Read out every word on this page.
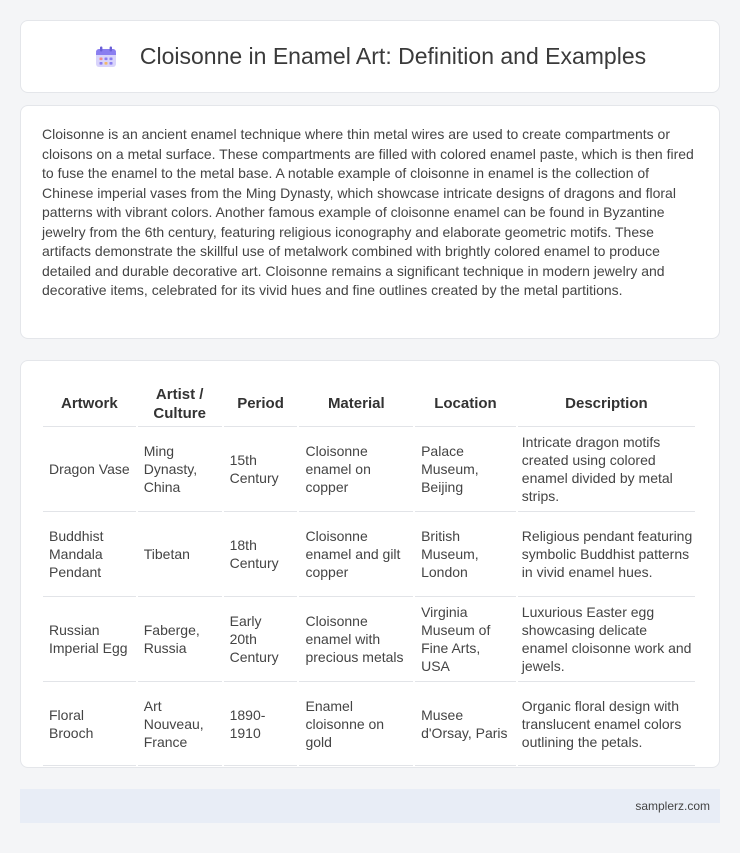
Cloisonne in Enamel Art: Definition and Examples

Cloisonne is an ancient enamel technique where thin metal wires are used to create compartments or cloisons on a metal surface. These compartments are filled with colored enamel paste, which is then fired to fuse the enamel to the metal base. A notable example of cloisonne in enamel is the collection of Chinese imperial vases from the Ming Dynasty, which showcase intricate designs of dragons and floral patterns with vibrant colors. Another famous example of cloisonne enamel can be found in Byzantine jewelry from the 6th century, featuring religious iconography and elaborate geometric motifs. These artifacts demonstrate the skillful use of metalwork combined with brightly colored enamel to produce detailed and durable decorative art. Cloisonne remains a significant technique in modern jewelry and decorative items, celebrated for its vivid hues and fine outlines created by the metal partitions.

Artwork	Artist / Culture	Period	Material	Location	Description
Dragon Vase	Ming Dynasty, China	15th Century	Cloisonne enamel on copper	Palace Museum, Beijing	Intricate dragon motifs created using colored enamel divided by metal strips.
Buddhist Mandala Pendant	Tibetan	18th Century	Cloisonne enamel and gilt copper	British Museum, London	Religious pendant featuring symbolic Buddhist patterns in vivid enamel hues.
Russian Imperial Egg	Faberge, Russia	Early 20th Century	Cloisonne enamel with precious metals	Virginia Museum of Fine Arts, USA	Luxurious Easter egg showcasing delicate enamel cloisonne work and jewels.
Floral Brooch	Art Nouveau, France	1890-1910	Enamel cloisonne on gold	Musee d'Orsay, Paris	Organic floral design with translucent enamel colors outlining the petals.
samplerz.com
